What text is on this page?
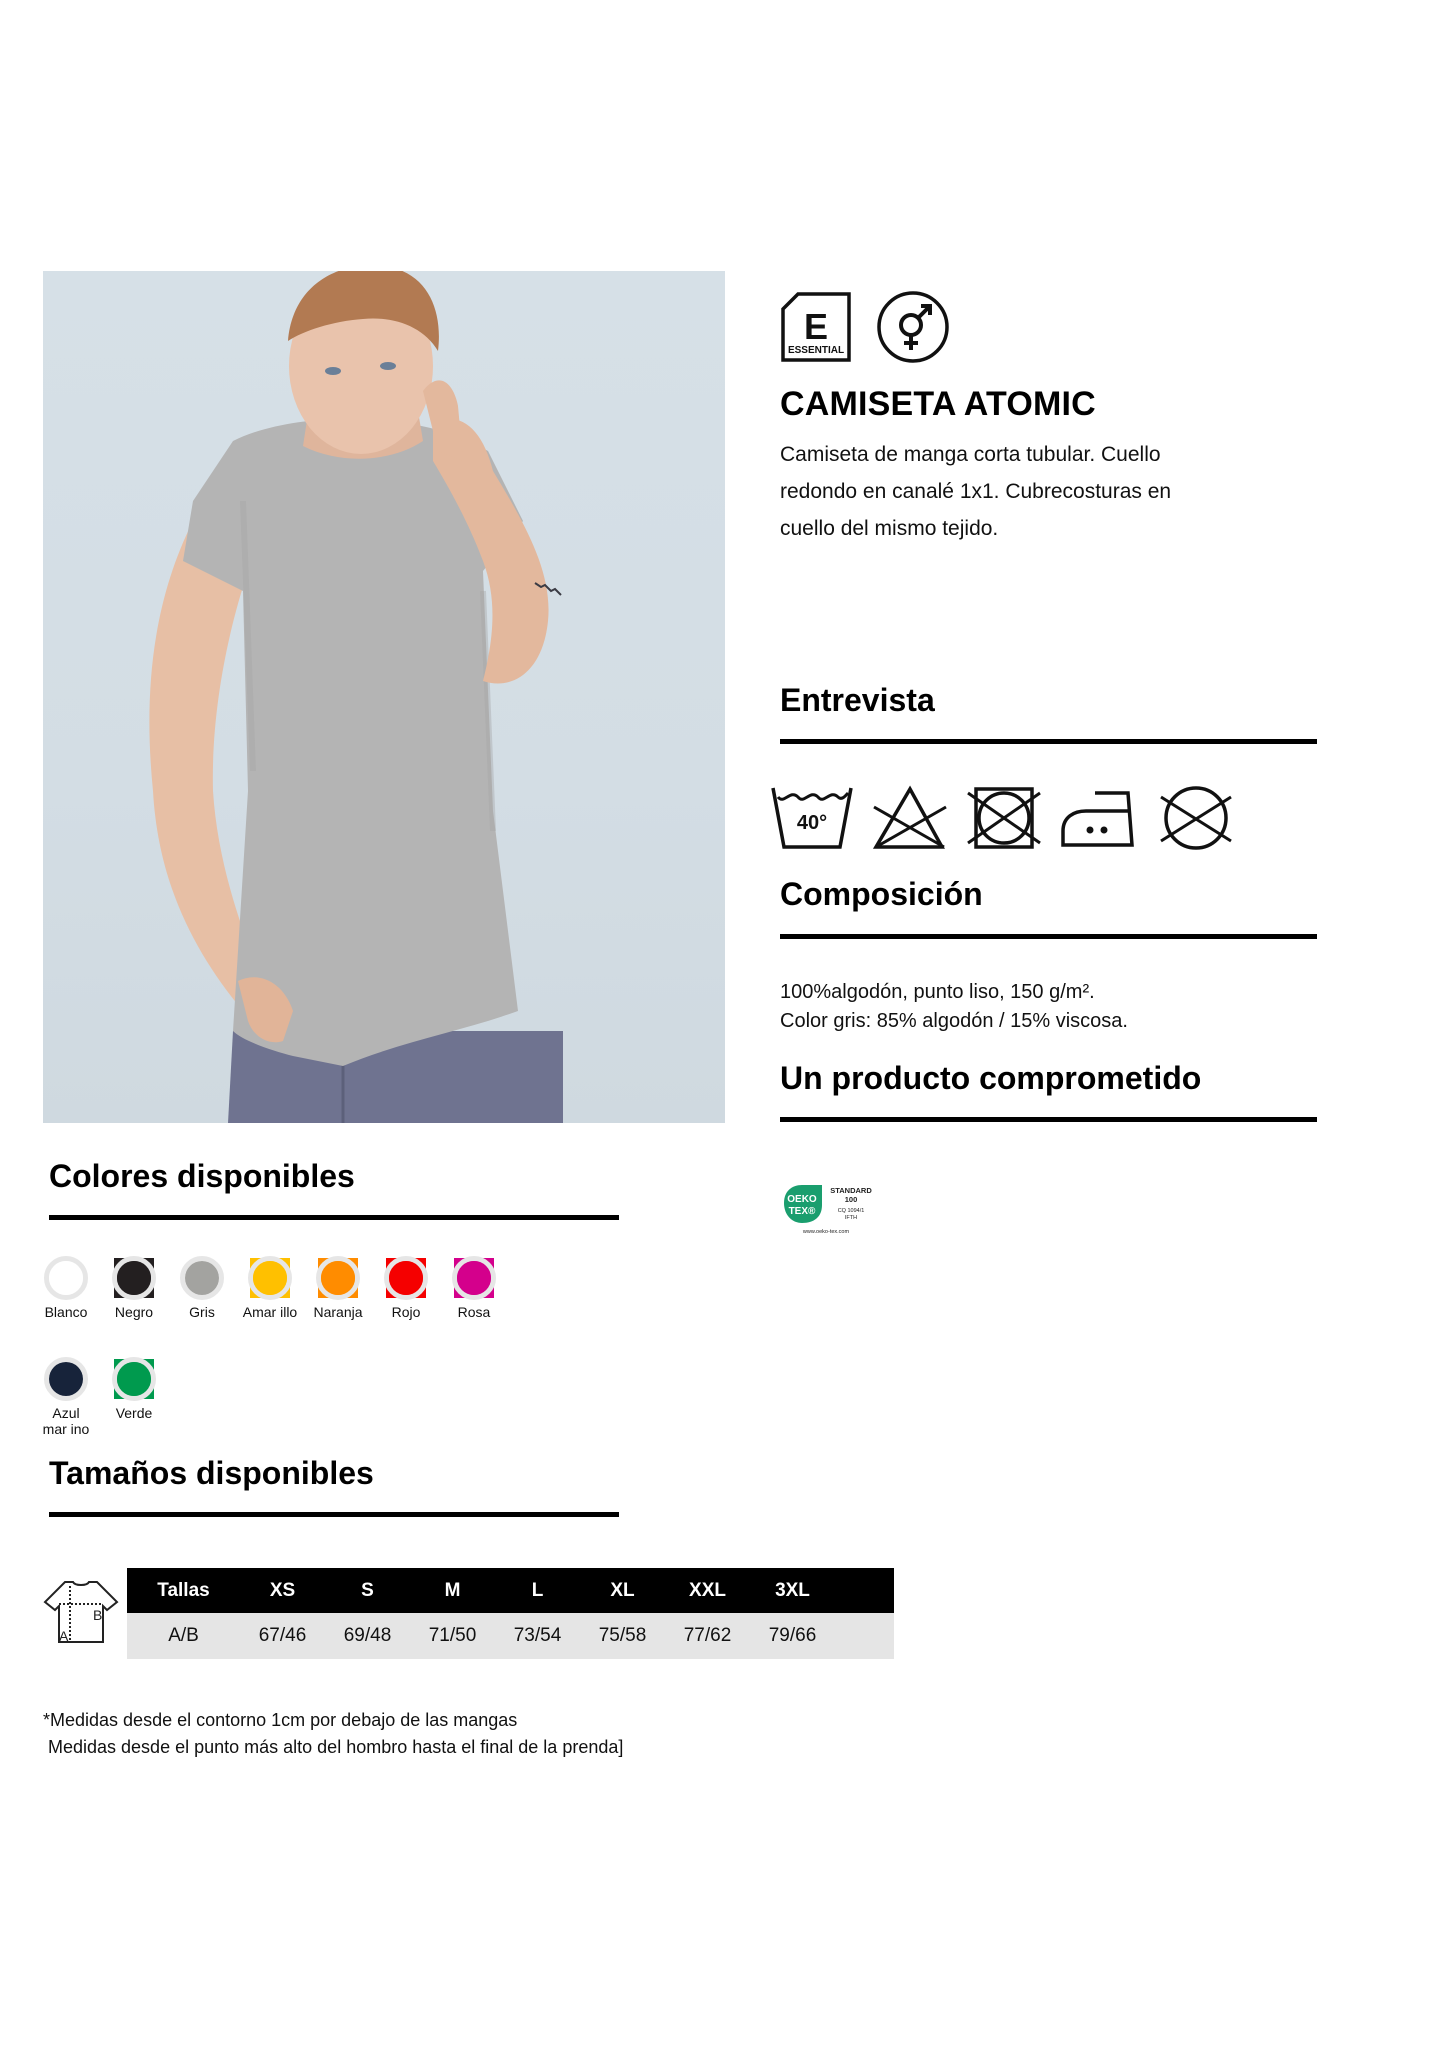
E
ESSENTIAL
CAMISETA ATOMIC
Camiseta de manga corta tubular. Cuello redondo en canalé 1x1. Cubrecosturas en cuello del mismo tejido.
Entrevista
40°
Composición
100%algodón, punto liso, 150 g/m².
Color gris: 85% algodón / 15% viscosa.
Un producto comprometido
OEKO
TEX®
STANDARD
100
CQ 1094/1
IFTH
www.oeko-tex.com
Colores disponibles
Blanco Negro	Gris Amar illo Naranja Rojo	Rosa
Azul mar ino
Verde
Tamaños disponibles
B
A
Tallas	XS	S	M	L	XL	XXL	3XL	
A/B	67/46	69/48	71/50	73/54	75/58	77/62	79/66	
*Medidas desde el contorno 1cm por debajo de las mangas
Medidas desde el punto más alto del hombro hasta el final de la prenda]
